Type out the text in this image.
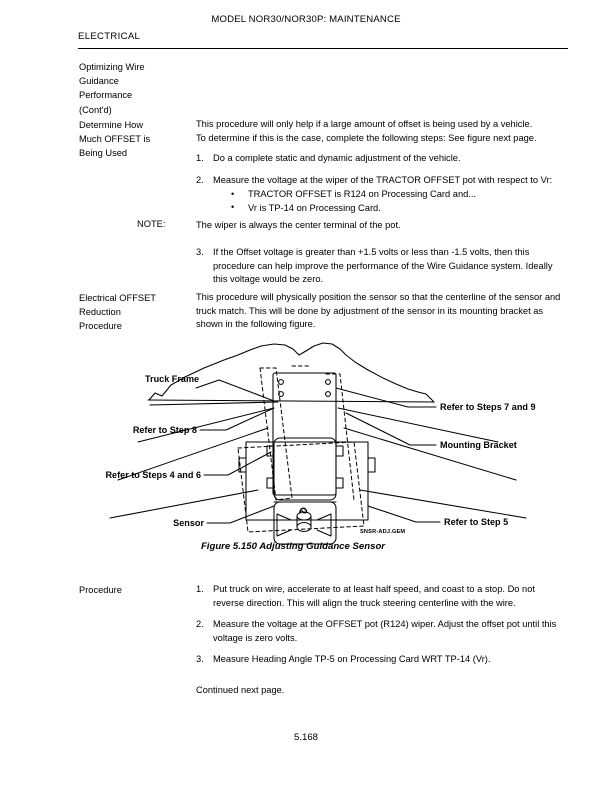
MODEL NOR30/NOR30P: MAINTENANCE
ELECTRICAL
Optimizing Wire
Guidance
Performance
(Cont'd)
Determine How
Much OFFSET is
Being Used

This procedure will only help if a large amount of offset is being used by a vehicle.

To determine if this is the case, complete the following steps: See figure next page.

1. Do a complete static and dynamic adjustment of the vehicle.
2. Measure the voltage at the wiper of the TRACTOR OFFSET pot with respect to Vr:
• TRACTOR OFFSET is R124 on Processing Card and...
• Vr is TP-14 on Processing Card.
NOTE:	The wiper is always the center terminal of the pot.
3. If the Offset voltage is greater than +1.5 volts or less than -1.5 volts, then this procedure can help improve the performance of the Wire Guidance system. Ideally this voltage would be zero.
Electrical OFFSET
Reduction
Procedure
This procedure will physically position the sensor so that the centerline of the sensor and truck match. This will be done by adjustment of the sensor in its mounting bracket as shown in the following figure.
Truck Frame
Refer to Step 8
Refer to Steps 4 and 6
Sensor
Refer to Steps 7 and 9
Mounting Bracket
Refer to Step 5
SNSR-ADJ.GEM
Figure 5.150 Adjusting Guidance Sensor
Procedure	1. Put truck on wire, accelerate to at least half speed, and coast to a stop. Do not reverse direction. This will align the truck steering centerline with the wire.
2. Measure the voltage at the OFFSET pot (R124) wiper. Adjust the offset pot until this voltage is zero volts.
3. Measure Heading Angle TP-5 on Processing Card WRT TP-14 (Vr).

Continued next page.

5.168
